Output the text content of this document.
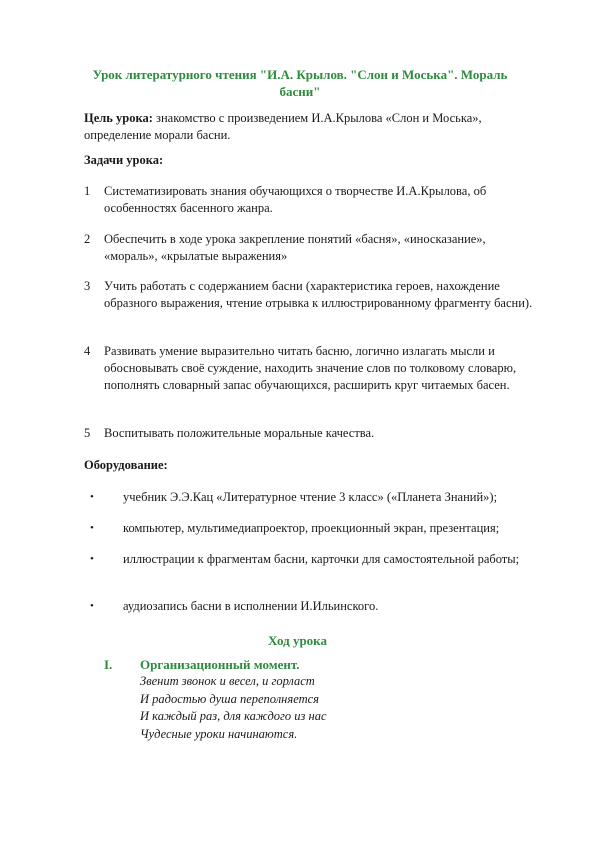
Урок литературного чтения "И.А. Крылов. "Слон и Моська". Мораль басни"
Цель урока: знакомство с произведением И.А.Крылова «Слон и Моська», определение морали басни.
Задачи урока:
1 Систематизировать знания обучающихся о творчестве И.А.Крылова, об особенностях басенного жанра.
2 Обеспечить в ходе урока закрепление понятий «басня», «иносказание», «мораль», «крылатые выражения»
3 Учить работать с содержанием басни (характеристика героев, нахождение образного выражения, чтение отрывка к иллюстрированному фрагменту басни).
4 Развивать умение выразительно читать басню, логично излагать мысли и обосновывать своё суждение, находить значение слов по толковому словарю, пополнять словарный запас обучающихся, расширить круг читаемых басен.
5 Воспитывать положительные моральные качества.
Оборудование:
•	учебник Э.Э.Кац «Литературное чтение 3 класс» («Планета Знаний»);
•	компьютер, мультимедиапроектор, проекционный экран, презентация;
•	иллюстрации к фрагментам басни, карточки для самостоятельной работы;
•	аудиозапись басни в исполнении И.Ильинского.
Ход урока
I. Организационный момент.
Звенит звонок и весел, и горласт
И радостью душа переполняется
И каждый раз, для каждого из нас
Чудесные уроки начинаются.
